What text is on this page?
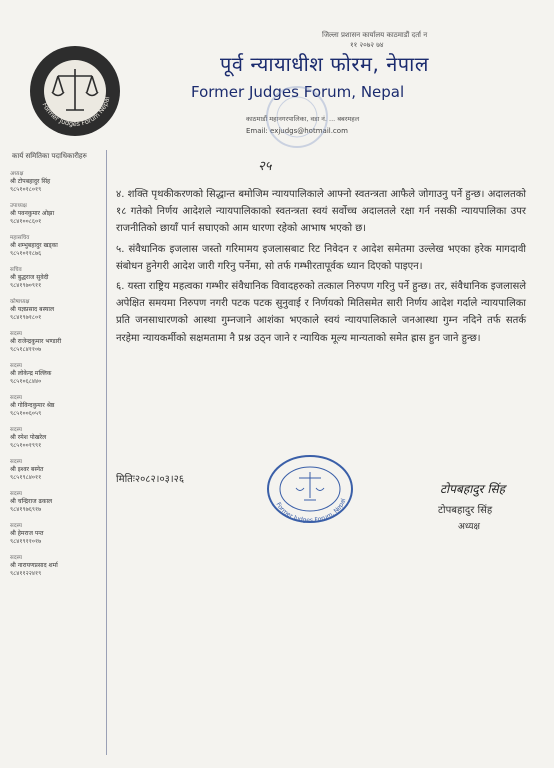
जिल्ला प्रशासन कार्यालय काठमाडौं दर्ता न
११ २०७२ ७४
Former Judges Forum Nepal
पूर्व न्यायाधीश फोरम, नेपाल
Former Judges Forum, Nepal
काठमाडौं महानगरपालिका, वडा नं. ... बबरमहल
Email: exjudgs@hotmail.com
२५
कार्य समितिका पदाधिकारीहरु
अध्यक्ष
श्री टोपबहादुर सिंह
९८५१०१८०१९
उपाध्यक्ष
श्री पवनकुमार ओझा
९८४१००८६०१
महासचिव
श्री शम्भुबहादुर खड्का
९८५१०११८७६
सचिव
श्री बुद्धराज सुवेदी
९८४१९७०९११
कोषाध्यक्ष
श्री यज्ञप्रसाद बस्याल
९८४१९७१८०१
सदस्य
श्री राजेन्द्रकुमार भण्डारी
९८५१८४११०७
सदस्य
श्री लोकेन्द्र मल्लिक
९८५१०६८४४०
सदस्य
श्री गोविन्दकुमार श्रेष्ठ
९८५१००६०५९
सदस्य
श्री रमेश पोखरेल
९८५१००१९९१
सदस्य
श्री इश्वर बस्नेत
९८५१९८४०११
सदस्य
श्री चन्द्रिराज ढकाल
९८४१९७६९१७
सदस्य
श्री हेमराज पन्त
९८४१९११०१७
सदस्य
श्री नारायणप्रसाद शर्मा
९८४११२२४१९

४. शक्ति पृथकीकरणको सिद्धान्त बमोजिम न्यायपालिकाले आफ्नो स्वतन्त्रता आफैले जोगाउनु पर्ने हुन्छ। अदालतको १८ गतेको निर्णय आदेशले न्यायपालिकाको स्वतन्त्रता स्वयं सर्वोच्च अदालतले रक्षा गर्न नसकी न्यायपालिका उपर राजनीतिको छायाँ पार्न सघाएको आम धारणा रहेको आभाष भएको छ।

५. संवैधानिक इजलास जस्तो गरिमामय इजलासबाट रिट निवेदन र आदेश समेतमा उल्लेख भएका हरेक मागदावी संबोधन हुनेगरी आदेश जारी गरिनु पर्नेमा, सो तर्फ गम्भीरतापूर्वक ध्यान दिएको पाइएन।

६. यस्ता राष्ट्रिय महत्वका गम्भीर संवैधानिक विवादहरुको तत्काल निरुपण गरिनु पर्ने हुन्छ। तर, संवैधानिक इजलासले अपेक्षित समयमा निरुपण नगरी पटक पटक सुनुवाई र निर्णयको मितिसमेत सारी निर्णय आदेश गर्दाले न्यायपालिका प्रति जनसाधारणको आस्था गुम्नजाने आशंका भएकाले स्वयं न्यायपालिकाले जनआस्था गुम्न नदिने तर्फ सतर्क नरहेमा न्यायकर्मीको सक्षमतामा नै प्रश्न उठ्न जाने र न्यायिक मूल्य मान्यताको समेत ह्रास हुन जाने हुन्छ।

मितिः२०८२।०३।२६
Former Judges Forum, Nepal
टोपबहादुर सिंह
टोपबहादुर सिंह
अध्यक्ष
